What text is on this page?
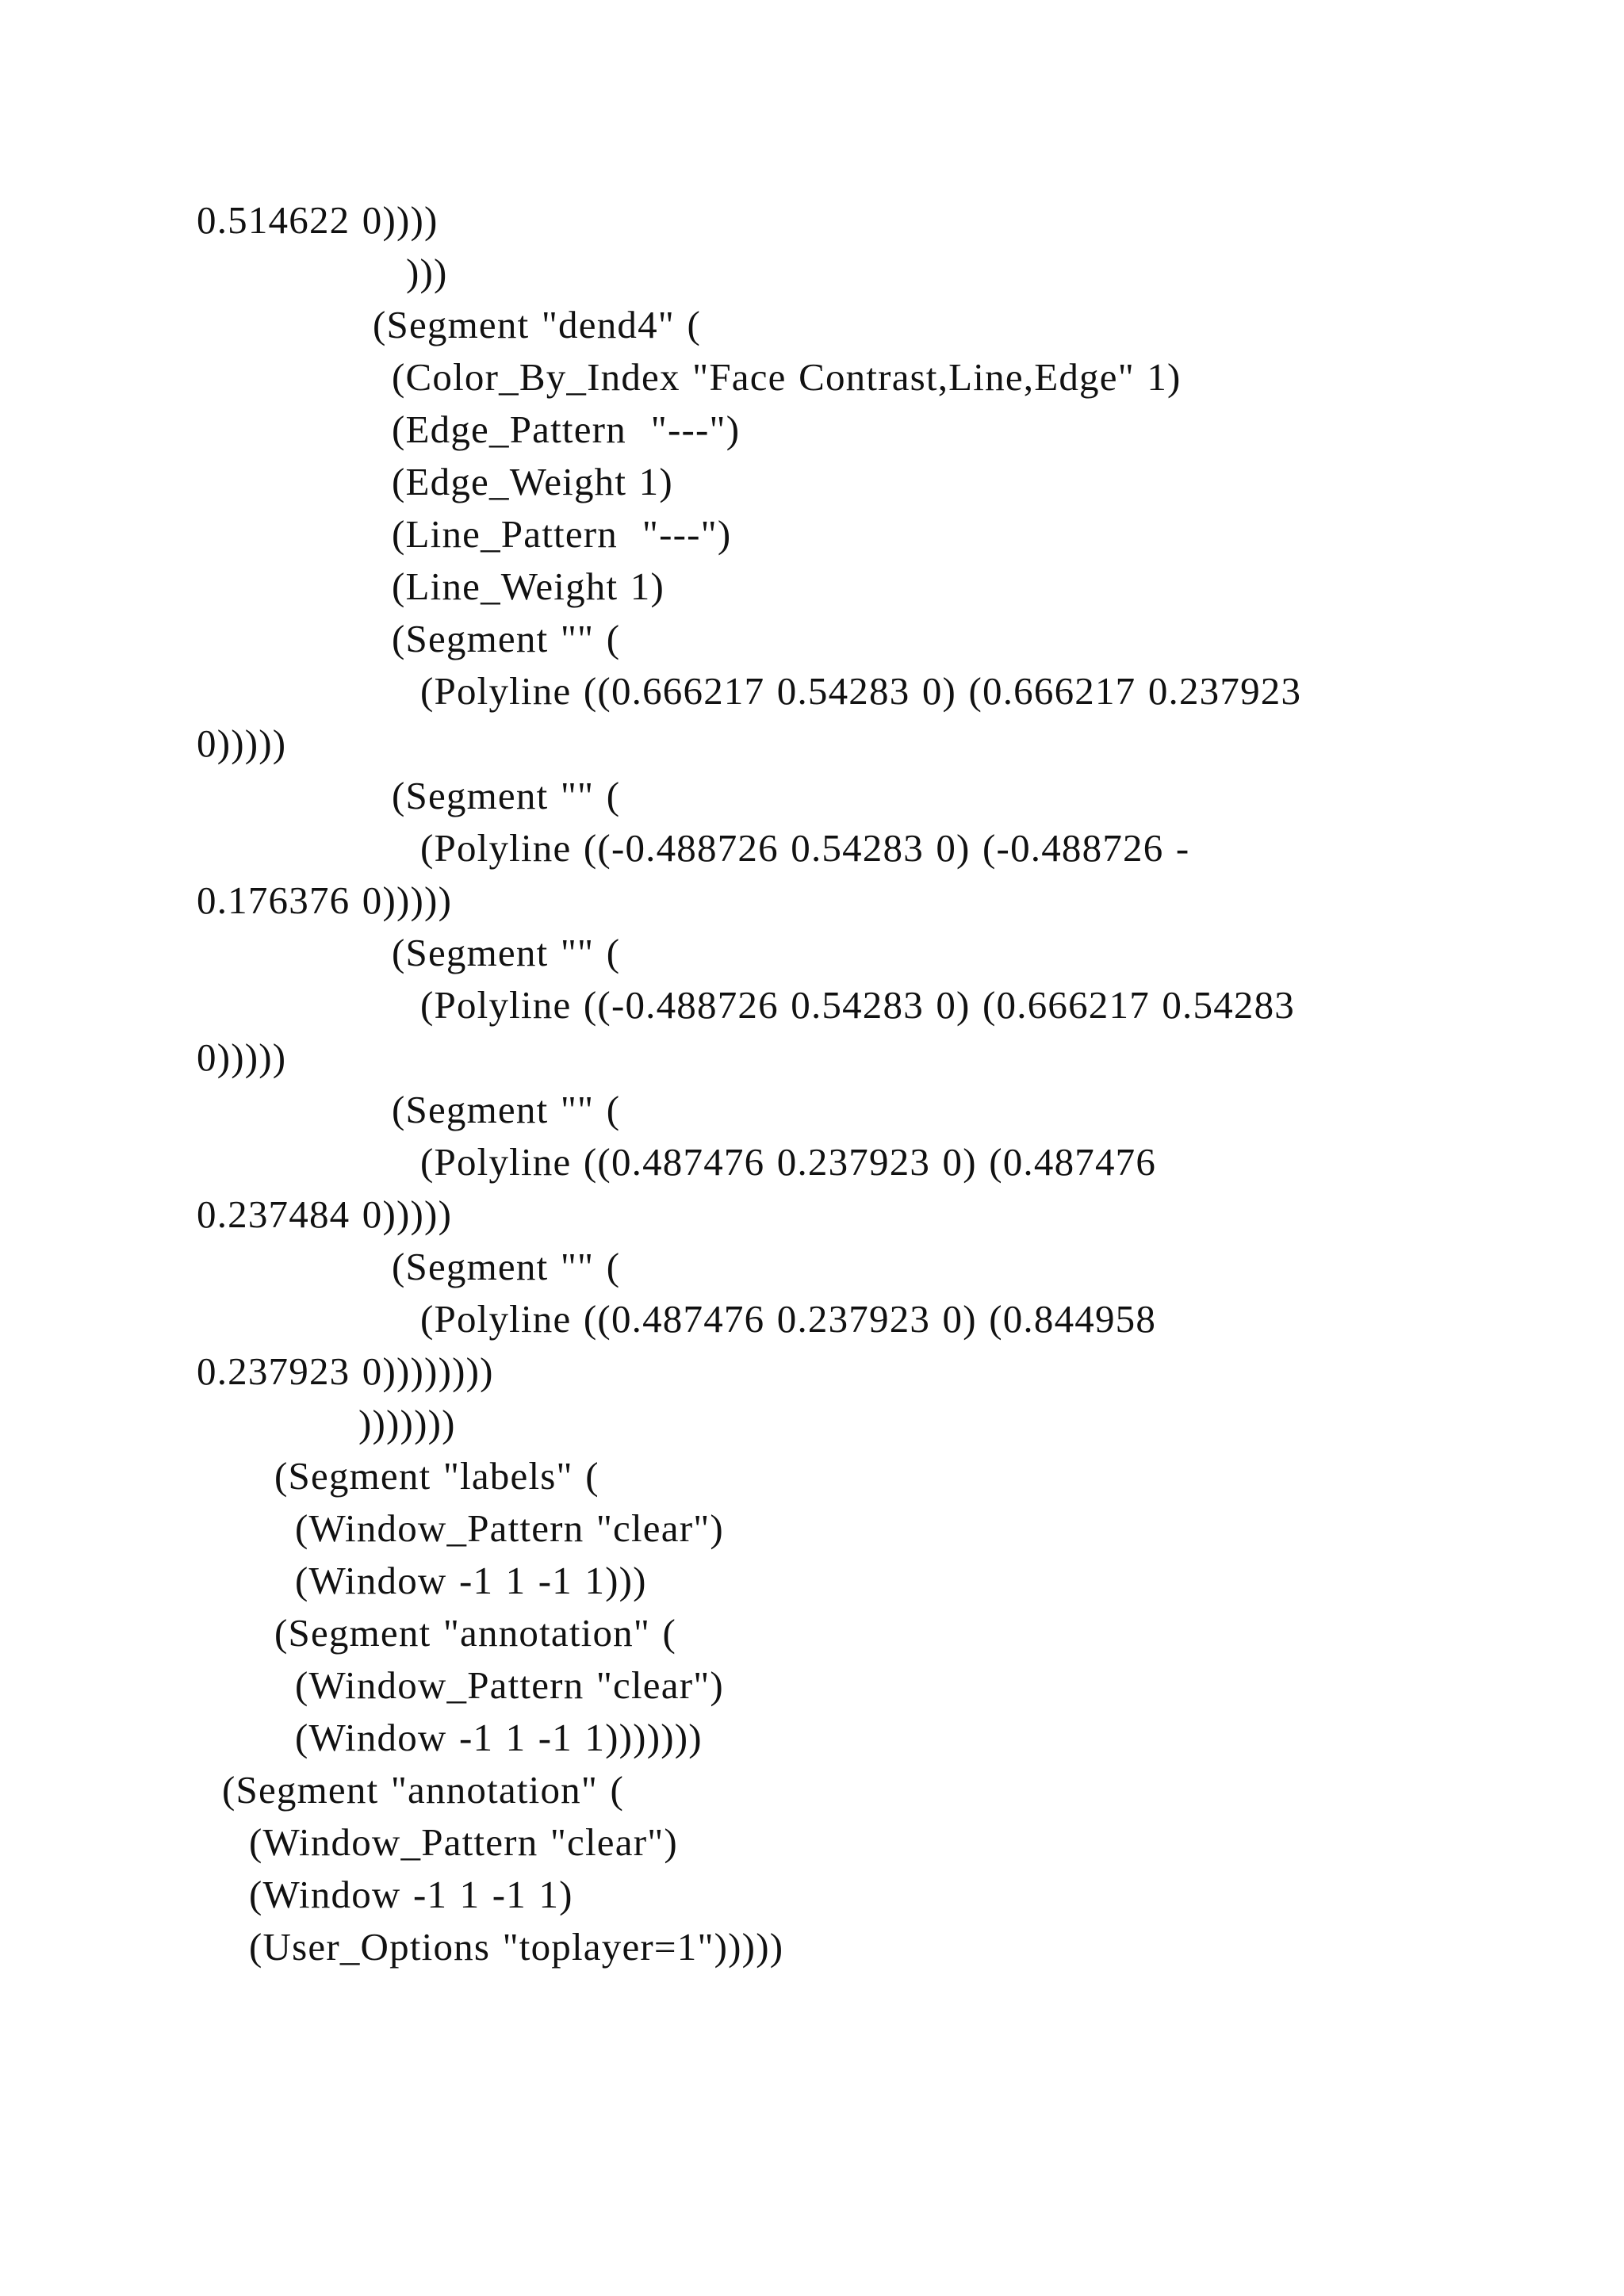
0.514622 0))))
)))
(Segment "dend4" (
(Color_By_Index "Face Contrast,Line,Edge" 1)
(Edge_Pattern  "---")
(Edge_Weight 1)
(Line_Pattern  "---")
(Line_Weight 1)
(Segment "" (
(Polyline ((0.666217 0.54283 0) (0.666217 0.237923
0)))))
(Segment "" (
(Polyline ((-0.488726 0.54283 0) (-0.488726 -
0.176376 0)))))
(Segment "" (
(Polyline ((-0.488726 0.54283 0) (0.666217 0.54283
0)))))
(Segment "" (
(Polyline ((0.487476 0.237923 0) (0.487476
0.237484 0)))))
(Segment "" (
(Polyline ((0.487476 0.237923 0) (0.844958
0.237923 0))))))))
)))))))
(Segment "labels" (
(Window_Pattern "clear")
(Window -1 1 -1 1)))
(Segment "annotation" (
(Window_Pattern "clear")
(Window -1 1 -1 1)))))))
(Segment "annotation" (
(Window_Pattern "clear")
(Window -1 1 -1 1)
(User_Options "toplayer=1")))))
